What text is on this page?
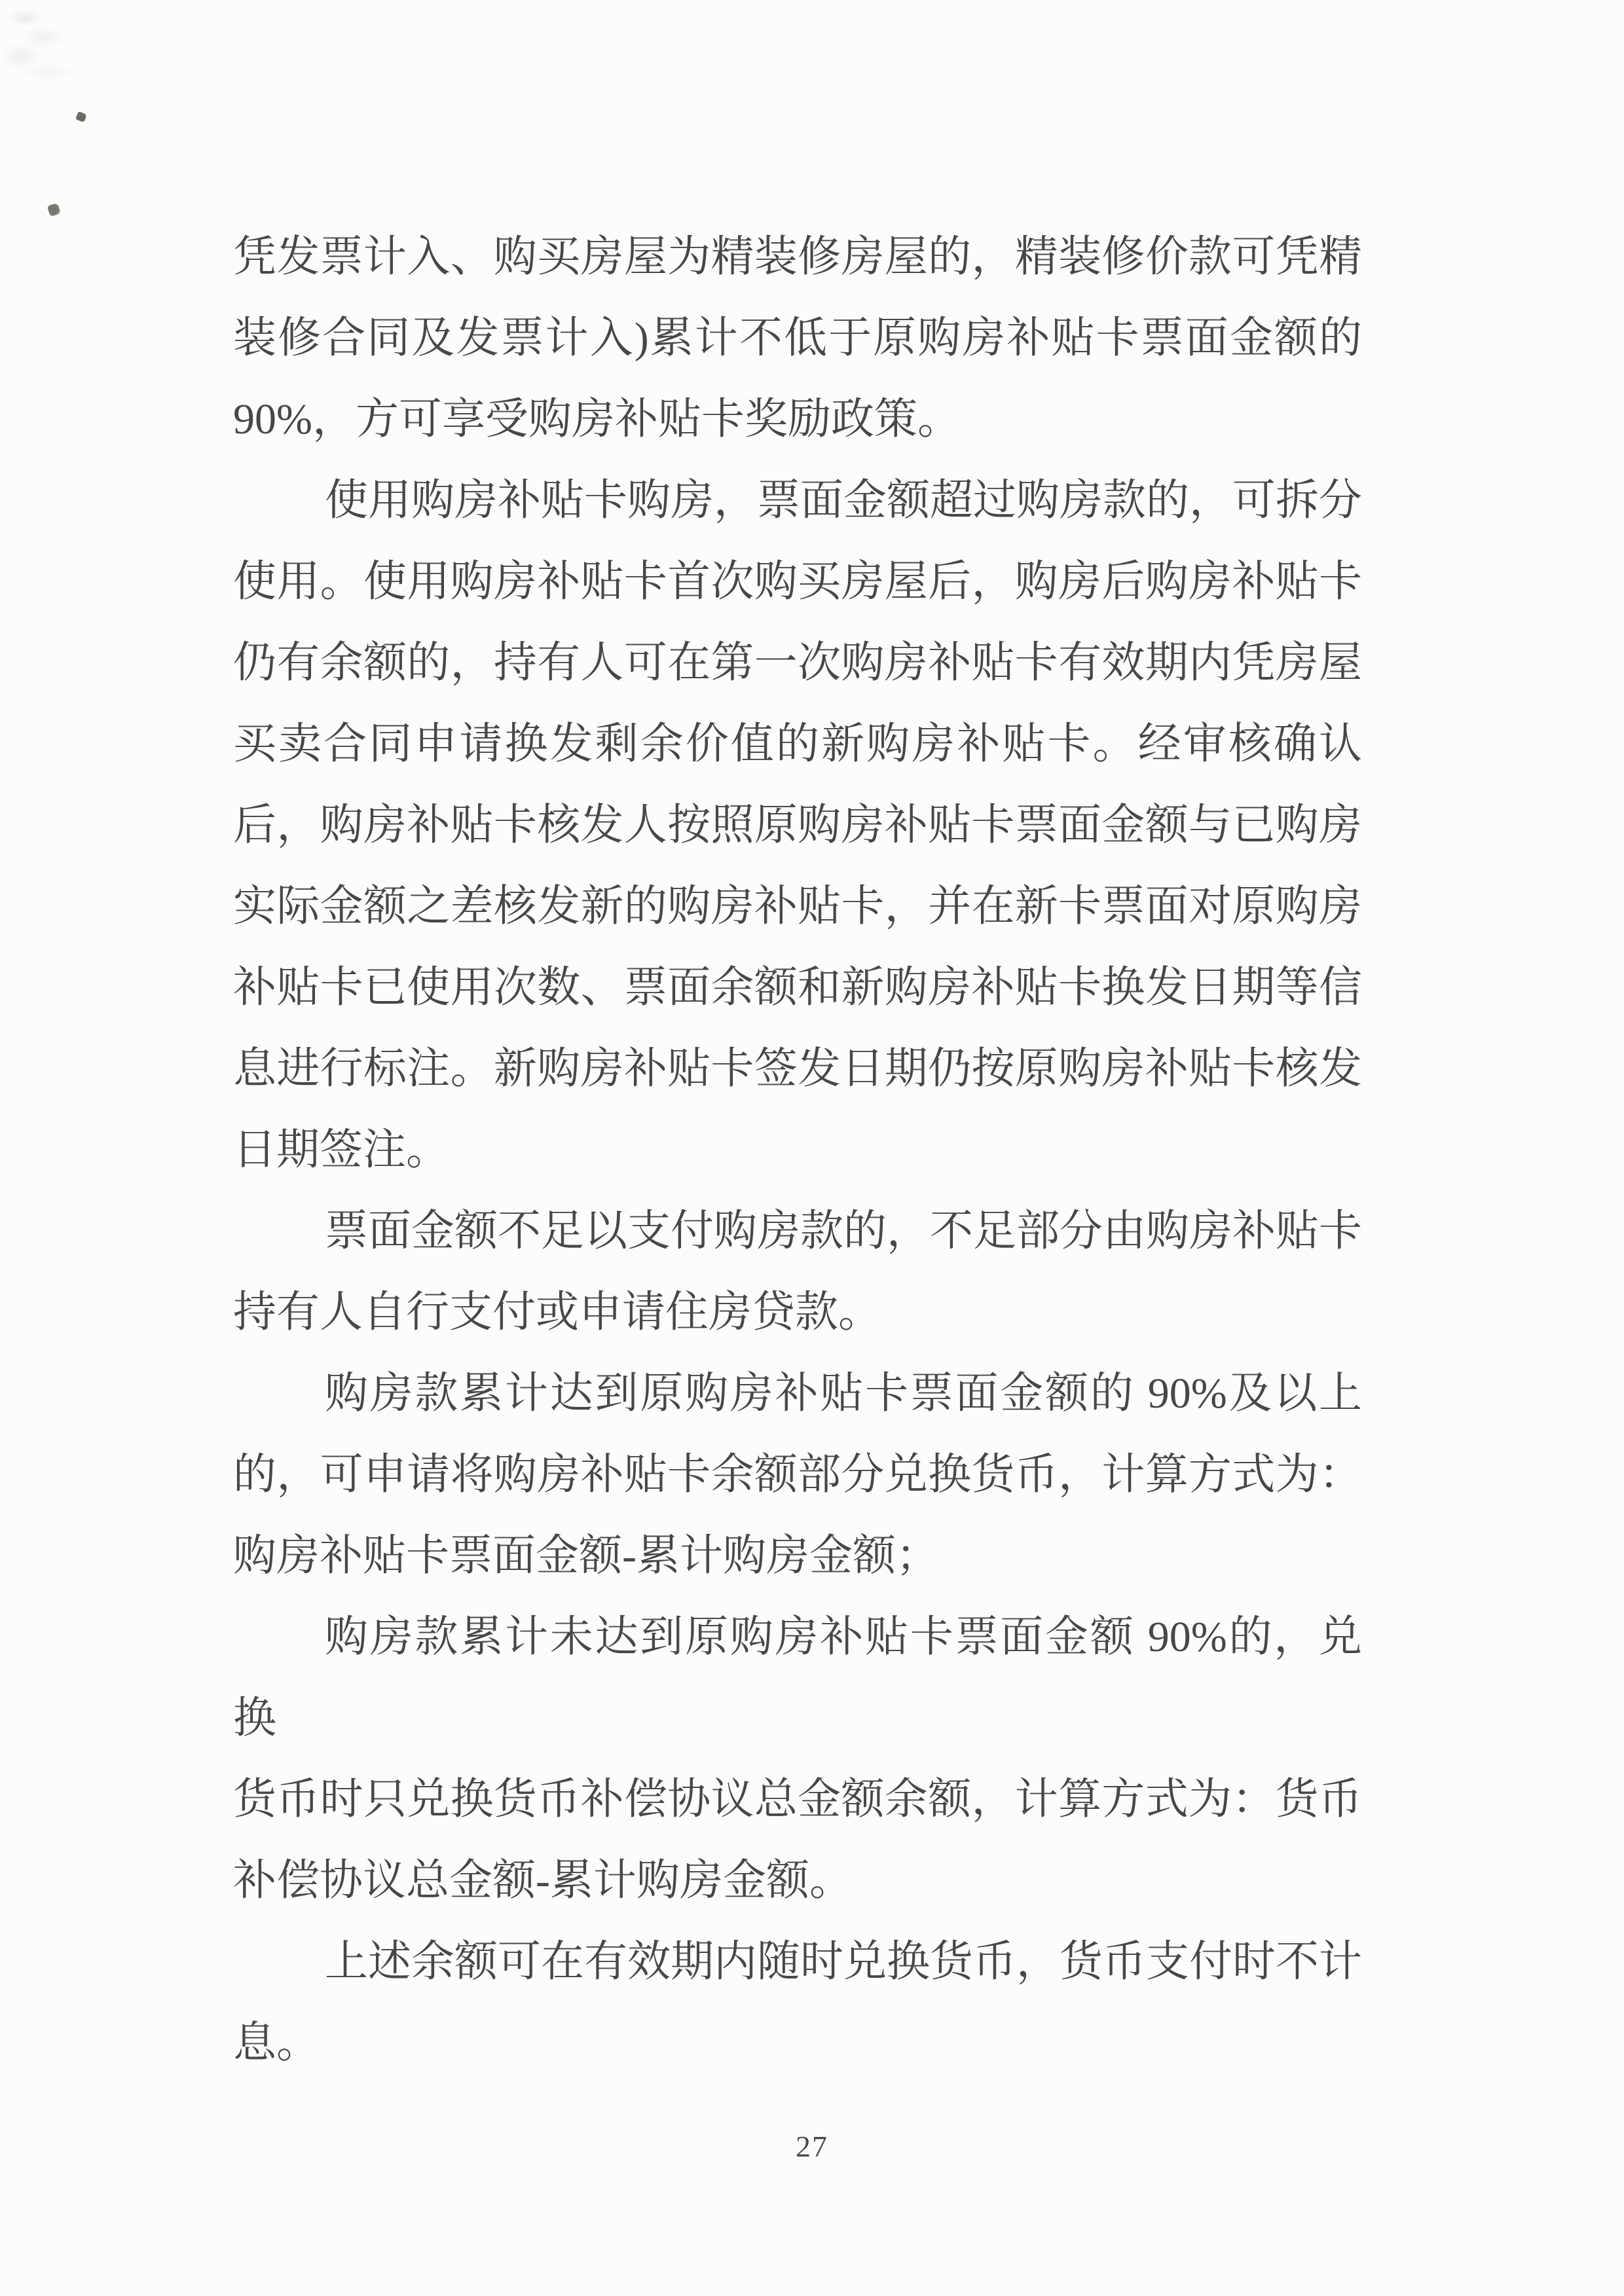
凭发票计入、购买房屋为精装修房屋的，精装修价款可凭精
装修合同及发票计入)累计不低于原购房补贴卡票面金额的
90%，方可享受购房补贴卡奖励政策。
使用购房补贴卡购房，票面金额超过购房款的，可拆分
使用。使用购房补贴卡首次购买房屋后，购房后购房补贴卡
仍有余额的，持有人可在第一次购房补贴卡有效期内凭房屋
买卖合同申请换发剩余价值的新购房补贴卡。经审核确认
后，购房补贴卡核发人按照原购房补贴卡票面金额与已购房
实际金额之差核发新的购房补贴卡，并在新卡票面对原购房
补贴卡已使用次数、票面余额和新购房补贴卡换发日期等信
息进行标注。新购房补贴卡签发日期仍按原购房补贴卡核发
日期签注。
票面金额不足以支付购房款的，不足部分由购房补贴卡
持有人自行支付或申请住房贷款。
购房款累计达到原购房补贴卡票面金额的 90%及以上
的，可申请将购房补贴卡余额部分兑换货币，计算方式为：
购房补贴卡票面金额-累计购房金额；
购房款累计未达到原购房补贴卡票面金额 90%的，兑换
货币时只兑换货币补偿协议总金额余额，计算方式为：货币
补偿协议总金额-累计购房金额。
上述余额可在有效期内随时兑换货币，货币支付时不计
息。
27
